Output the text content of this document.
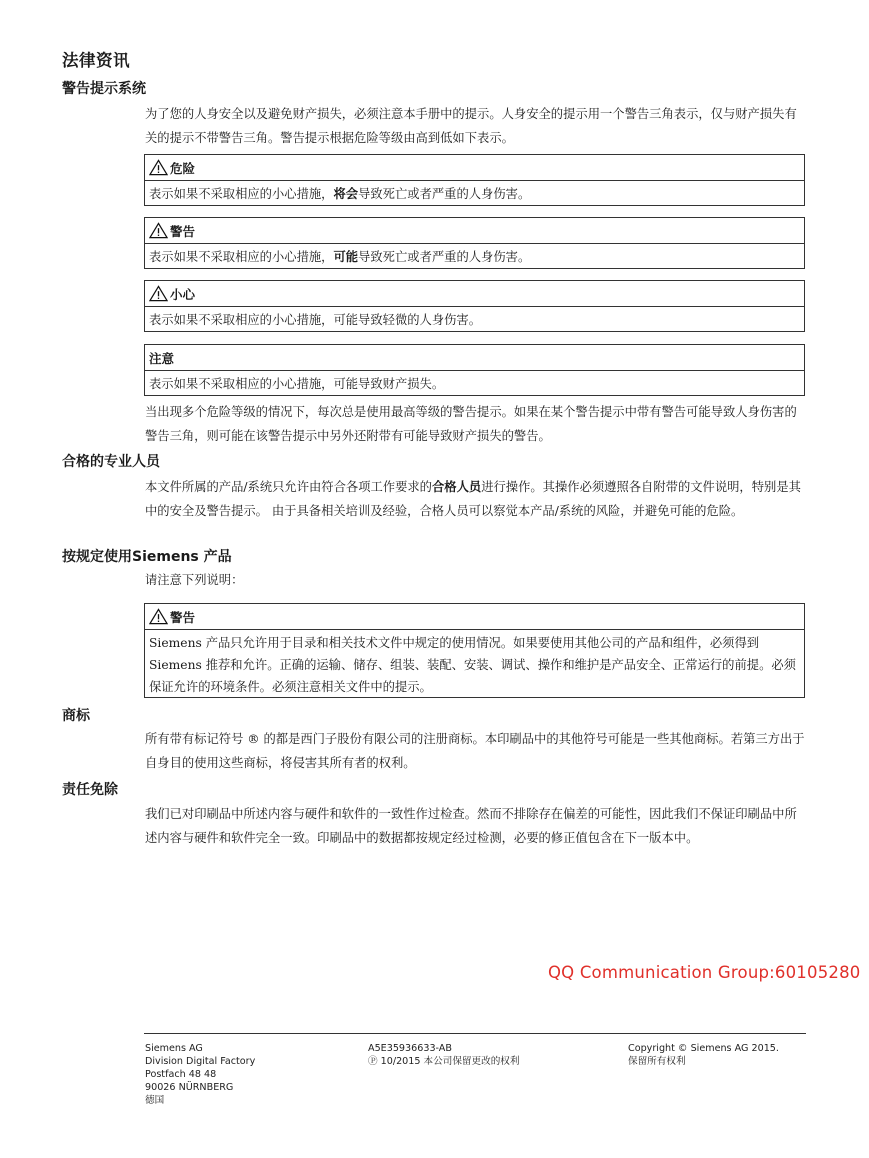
法律资讯
警告提示系统
为了您的人身安全以及避免财产损失，必须注意本手册中的提示。人身安全的提示用一个警告三角表示，仅与财产损失有关的提示不带警告三角。警告提示根据危险等级由高到低如下表示。
危险
表示如果不采取相应的小心措施，将会导致死亡或者严重的人身伤害。
警告
表示如果不采取相应的小心措施，可能导致死亡或者严重的人身伤害。
小心
表示如果不采取相应的小心措施，可能导致轻微的人身伤害。
注意
表示如果不采取相应的小心措施，可能导致财产损失。
当出现多个危险等级的情况下，每次总是使用最高等级的警告提示。如果在某个警告提示中带有警告可能导致人身伤害的警告三角，则可能在该警告提示中另外还附带有可能导致财产损失的警告。
合格的专业人员
本文件所属的产品/系统只允许由符合各项工作要求的合格人员进行操作。其操作必须遵照各自附带的文件说明，特别是其中的安全及警告提示。 由于具备相关培训及经验，合格人员可以察觉本产品/系统的风险，并避免可能的危险。
按规定使用Siemens 产品
请注意下列说明：
警告
Siemens 产品只允许用于目录和相关技术文件中规定的使用情况。如果要使用其他公司的产品和组件，必须得到 Siemens 推荐和允许。正确的运输、储存、组装、装配、安装、调试、操作和维护是产品安全、正常运行的前提。必须保证允许的环境条件。必须注意相关文件中的提示。
商标
所有带有标记符号 ® 的都是西门子股份有限公司的注册商标。本印刷品中的其他符号可能是一些其他商标。若第三方出于自身目的使用这些商标，将侵害其所有者的权利。
责任免除
我们已对印刷品中所述内容与硬件和软件的一致性作过检查。然而不排除存在偏差的可能性，因此我们不保证印刷品中所述内容与硬件和软件完全一致。印刷品中的数据都按规定经过检测，必要的修正值包含在下一版本中。
QQ Communication Group:60105280
Siemens AG
Division Digital Factory
Postfach 48 48
90026 NÜRNBERG
德国
A5E35936633-AB
Ⓟ 10/2015 本公司保留更改的权利
Copyright © Siemens AG 2015.
保留所有权利
